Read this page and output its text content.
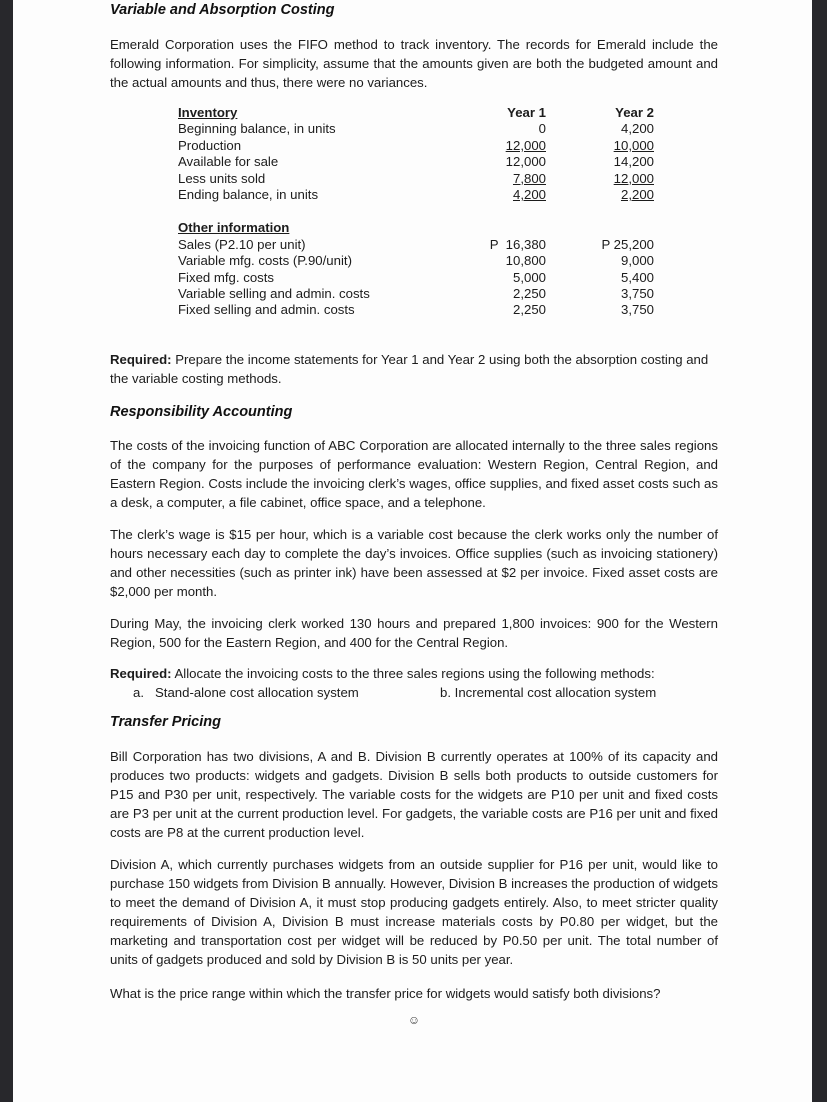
Variable and Absorption Costing

Emerald Corporation uses the FIFO method to track inventory. The records for Emerald include the following information. For simplicity, assume that the amounts given are both the budgeted amount and the actual amounts and thus, there were no variances.

Inventory	Year 1	Year 2
Beginning balance, in units	0	4,200
Production	12,000	10,000
Available for sale	12,000	14,200
Less units sold	7,800	12,000
Ending balance, in units	4,200	2,200
Other information		
Sales (P2.10 per unit)	P  16,380	P 25,200
Variable mfg. costs (P.90/unit)	10,800	9,000
Fixed mfg. costs	5,000	5,400
Variable selling and admin. costs	2,250	3,750
Fixed selling and admin. costs	2,250	3,750

Required: Prepare the income statements for Year 1 and Year 2 using both the absorption costing and the variable costing methods.

Responsibility Accounting

The costs of the invoicing function of ABC Corporation are allocated internally to the three sales regions of the company for the purposes of performance evaluation: Western Region, Central Region, and Eastern Region. Costs include the invoicing clerk’s wages, office supplies, and fixed asset costs such as a desk, a computer, a file cabinet, office space, and a telephone.

The clerk’s wage is $15 per hour, which is a variable cost because the clerk works only the number of hours necessary each day to complete the day’s invoices. Office supplies (such as invoicing stationery) and other necessities (such as printer ink) have been assessed at $2 per invoice. Fixed asset costs are $2,000 per month.

During May, the invoicing clerk worked 130 hours and prepared 1,800 invoices: 900 for the Western Region, 500 for the Eastern Region, and 400 for the Central Region.

Required: Allocate the invoicing costs to the three sales regions using the following methods:

a.   Stand-alone cost allocation system	b. Incremental cost allocation system

Transfer Pricing

Bill Corporation has two divisions, A and B. Division B currently operates at 100% of its capacity and produces two products: widgets and gadgets. Division B sells both products to outside customers for P15 and P30 per unit, respectively. The variable costs for the widgets are P10 per unit and fixed costs are P3 per unit at the current production level. For gadgets, the variable costs are P16 per unit and fixed costs are P8 at the current production level.

Division A, which currently purchases widgets from an outside supplier for P16 per unit, would like to purchase 150 widgets from Division B annually. However, Division B increases the production of widgets to meet the demand of Division A, it must stop producing gadgets entirely. Also, to meet stricter quality requirements of Division A, Division B must increase materials costs by P0.80 per widget, but the marketing and transportation cost per widget will be reduced by P0.50 per unit. The total number of units of gadgets produced and sold by Division B is 50 units per year.

What is the price range within which the transfer price for widgets would satisfy both divisions?

☺
